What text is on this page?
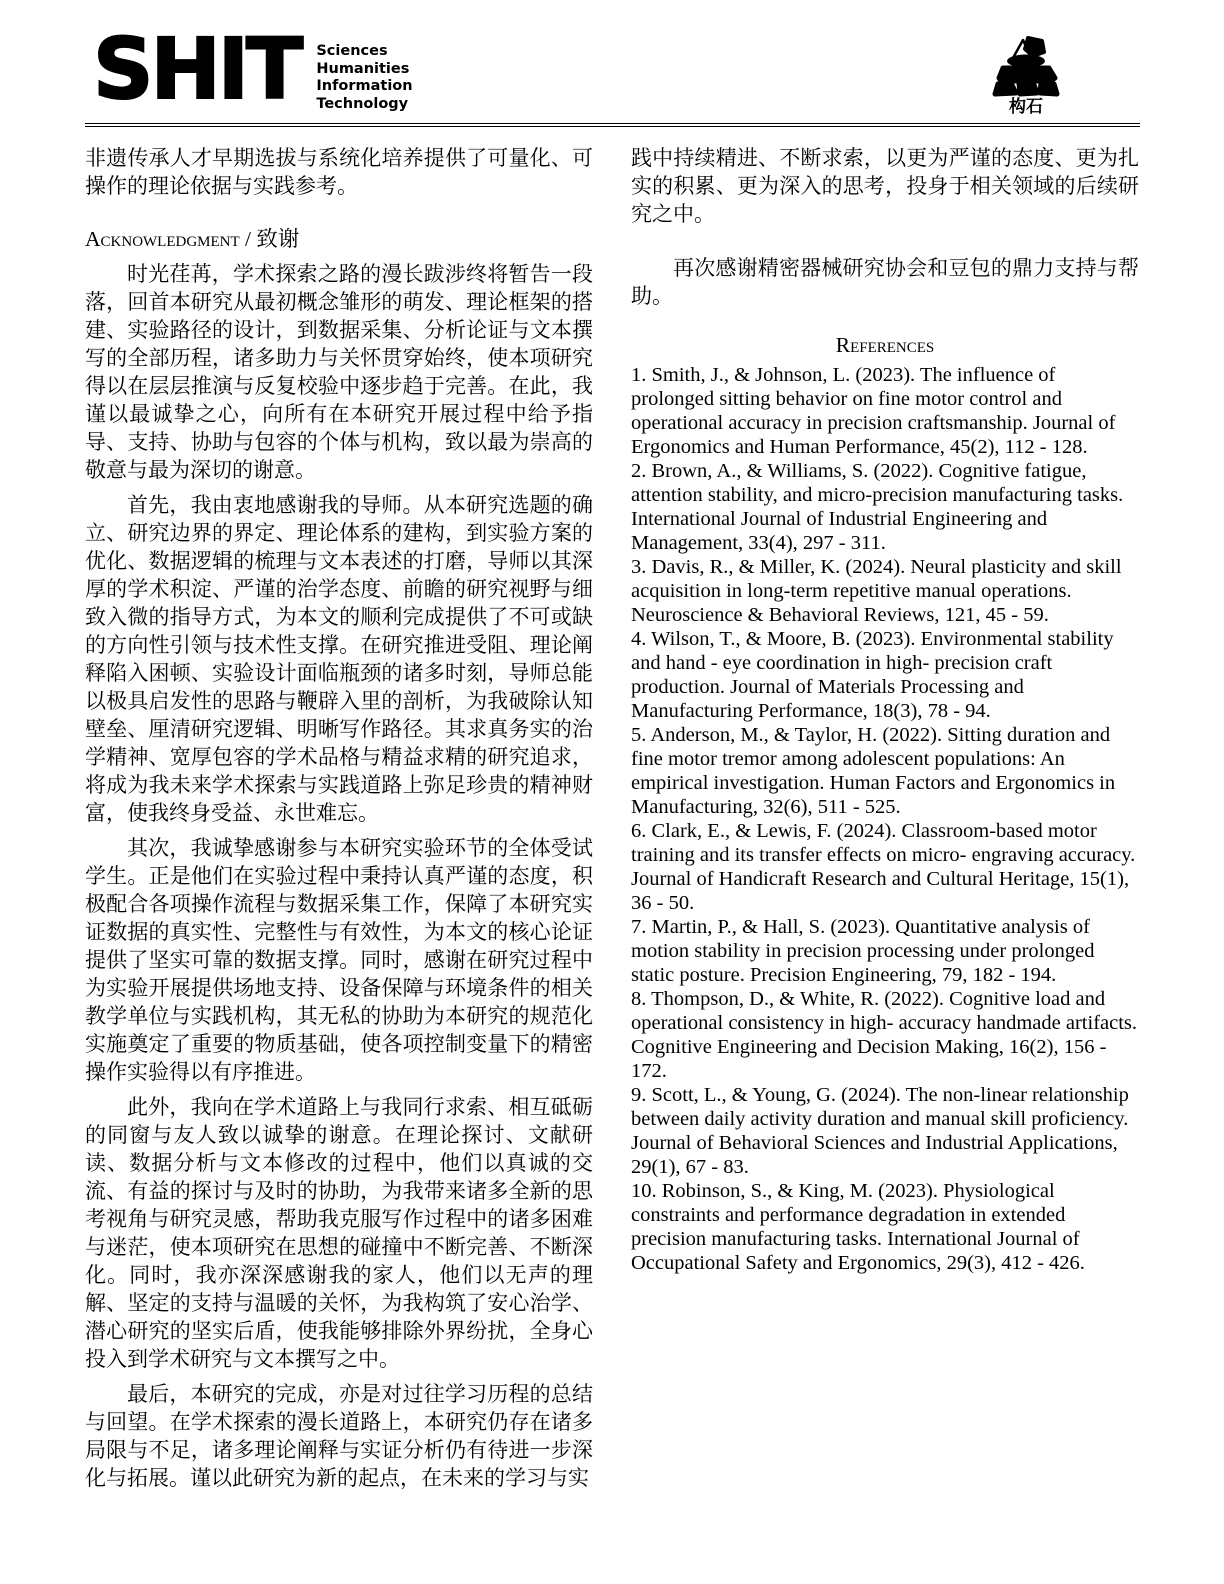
SHIT Sciences
Humanities
Information
Technology	构石

非遗传承人才早期选拔与系统化培养提供了可量化、可操作的理论依据与实践参考。

Acknowledgment / 致谢

时光荏苒，学术探索之路的漫长跋涉终将暂告一段落，回首本研究从最初概念雏形的萌发、理论框架的搭建、实验路径的设计，到数据采集、分析论证与文本撰写的全部历程，诸多助力与关怀贯穿始终，使本项研究得以在层层推演与反复校验中逐步趋于完善。在此，我谨以最诚挚之心，向所有在本研究开展过程中给予指导、支持、协助与包容的个体与机构，致以最为崇高的敬意与最为深切的谢意。

首先，我由衷地感谢我的导师。从本研究选题的确立、研究边界的界定、理论体系的建构，到实验方案的优化、数据逻辑的梳理与文本表述的打磨，导师以其深厚的学术积淀、严谨的治学态度、前瞻的研究视野与细致入微的指导方式，为本文的顺利完成提供了不可或缺的方向性引领与技术性支撑。在研究推进受阻、理论阐释陷入困顿、实验设计面临瓶颈的诸多时刻，导师总能以极具启发性的思路与鞭辟入里的剖析，为我破除认知壁垒、厘清研究逻辑、明晰写作路径。其求真务实的治学精神、宽厚包容的学术品格与精益求精的研究追求，将成为我未来学术探索与实践道路上弥足珍贵的精神财富，使我终身受益、永世难忘。

其次，我诚挚感谢参与本研究实验环节的全体受试学生。正是他们在实验过程中秉持认真严谨的态度，积极配合各项操作流程与数据采集工作，保障了本研究实证数据的真实性、完整性与有效性，为本文的核心论证提供了坚实可靠的数据支撑。同时，感谢在研究过程中为实验开展提供场地支持、设备保障与环境条件的相关教学单位与实践机构，其无私的协助为本研究的规范化实施奠定了重要的物质基础，使各项控制变量下的精密操作实验得以有序推进。

此外，我向在学术道路上与我同行求索、相互砥砺的同窗与友人致以诚挚的谢意。在理论探讨、文献研读、数据分析与文本修改的过程中，他们以真诚的交流、有益的探讨与及时的协助，为我带来诸多全新的思考视角与研究灵感，帮助我克服写作过程中的诸多困难与迷茫，使本项研究在思想的碰撞中不断完善、不断深化。同时，我亦深深感谢我的家人，他们以无声的理解、坚定的支持与温暖的关怀，为我构筑了安心治学、潜心研究的坚实后盾，使我能够排除外界纷扰，全身心投入到学术研究与文本撰写之中。

最后，本研究的完成，亦是对过往学习历程的总结与回望。在学术探索的漫长道路上，本研究仍存在诸多局限与不足，诸多理论阐释与实证分析仍有待进一步深化与拓展。谨以此研究为新的起点，在未来的学习与实

践中持续精进、不断求索，以更为严谨的态度、更为扎实的积累、更为深入的思考，投身于相关领域的后续研究之中。

再次感谢精密器械研究协会和豆包的鼎力支持与帮助。

References

1. Smith, J., & Johnson, L. (2023). The influence of prolonged sitting behavior on fine motor control and operational accuracy in precision craftsmanship. Journal of Ergonomics and Human Performance, 45(2), 112 - 128.

2. Brown, A., & Williams, S. (2022). Cognitive fatigue, attention stability, and micro-precision manufacturing tasks. International Journal of Industrial Engineering and Management, 33(4), 297 - 311.

3. Davis, R., & Miller, K. (2024). Neural plasticity and skill acquisition in long-term repetitive manual operations. Neuroscience & Behavioral Reviews, 121, 45 - 59.

4. Wilson, T., & Moore, B. (2023). Environmental stability and hand - eye coordination in high- precision craft production. Journal of Materials Processing and Manufacturing Performance, 18(3), 78 - 94.

5. Anderson, M., & Taylor, H. (2022). Sitting duration and fine motor tremor among adolescent populations: An empirical investigation. Human Factors and Ergonomics in Manufacturing, 32(6), 511 - 525.

6. Clark, E., & Lewis, F. (2024). Classroom-based motor training and its transfer effects on micro- engraving accuracy. Journal of Handicraft Research and Cultural Heritage, 15(1), 36 - 50.

7. Martin, P., & Hall, S. (2023). Quantitative analysis of motion stability in precision processing under prolonged static posture. Precision Engineering, 79, 182 - 194.

8. Thompson, D., & White, R. (2022). Cognitive load and operational consistency in high- accuracy handmade artifacts. Cognitive Engineering and Decision Making, 16(2), 156 - 172.

9. Scott, L., & Young, G. (2024). The non-linear relationship between daily activity duration and manual skill proficiency. Journal of Behavioral Sciences and Industrial Applications, 29(1), 67 - 83.

10. Robinson, S., & King, M. (2023). Physiological constraints and performance degradation in extended precision manufacturing tasks. International Journal of Occupational Safety and Ergonomics, 29(3), 412 - 426.
